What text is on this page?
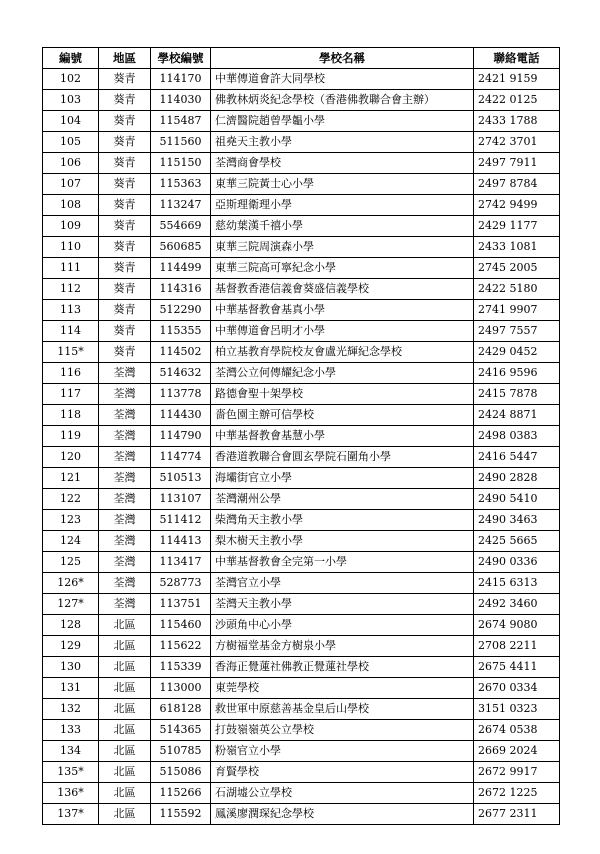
編號	地區	學校編號	學校名稱	聯絡電話
102	葵青	114170	中華傳道會許大同學校	2421 9159
103	葵青	114030	佛教林炳炎紀念學校（香港佛教聯合會主辦）	2422 0125
104	葵青	115487	仁濟醫院趙曾學韞小學	2433 1788
105	葵青	511560	祖堯天主教小學	2742 3701
106	葵青	115150	荃灣商會學校	2497 7911
107	葵青	115363	東華三院黃士心小學	2497 8784
108	葵青	113247	亞斯理衛理小學	2742 9499
109	葵青	554669	慈幼葉漢千禧小學	2429 1177
110	葵青	560685	東華三院周演森小學	2433 1081
111	葵青	114499	東華三院高可寧紀念小學	2745 2005
112	葵青	114316	基督教香港信義會葵盛信義學校	2422 5180
113	葵青	512290	中華基督教會基真小學	2741 9907
114	葵青	115355	中華傳道會呂明才小學	2497 7557
115*	葵青	114502	柏立基教育學院校友會盧光輝紀念學校	2429 0452
116	荃灣	514632	荃灣公立何傳耀紀念小學	2416 9596
117	荃灣	113778	路德會聖十架學校	2415 7878
118	荃灣	114430	嗇色園主辦可信學校	2424 8871
119	荃灣	114790	中華基督教會基慧小學	2498 0383
120	荃灣	114774	香港道教聯合會圓玄學院石圍角小學	2416 5447
121	荃灣	510513	海壩街官立小學	2490 2828
122	荃灣	113107	荃灣潮州公學	2490 5410
123	荃灣	511412	柴灣角天主教小學	2490 3463
124	荃灣	114413	梨木樹天主教小學	2425 5665
125	荃灣	113417	中華基督教會全完第一小學	2490 0336
126*	荃灣	528773	荃灣官立小學	2415 6313
127*	荃灣	113751	荃灣天主教小學	2492 3460
128	北區	115460	沙頭角中心小學	2674 9080
129	北區	115622	方樹福堂基金方樹泉小學	2708 2211
130	北區	115339	香海正覺蓮社佛教正覺蓮社學校	2675 4411
131	北區	113000	東莞學校	2670 0334
132	北區	618128	救世軍中原慈善基金皇后山學校	3151 0323
133	北區	514365	打鼓嶺嶺英公立學校	2674 0538
134	北區	510785	粉嶺官立小學	2669 2024
135*	北區	515086	育賢學校	2672 9917
136*	北區	115266	石湖墟公立學校	2672 1225
137*	北區	115592	鳳溪廖潤琛紀念學校	2677 2311
